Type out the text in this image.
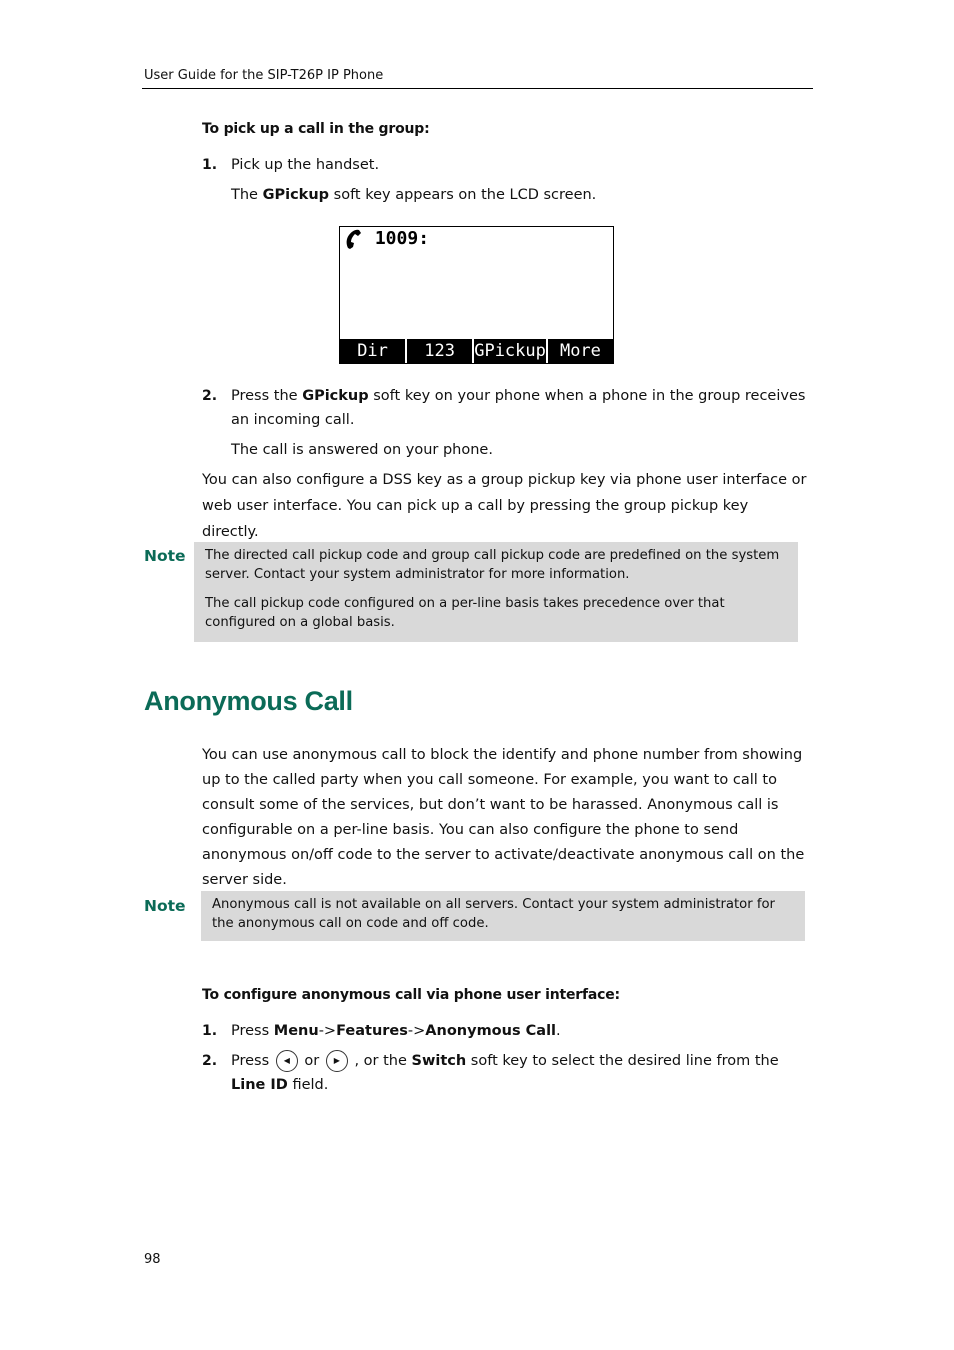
User Guide for the SIP-T26P IP Phone
To pick up a call in the group:
1. Pick up the handset.
The GPickup soft key appears on the LCD screen.
1009:
Dir	123	GPickup More
2. Press the GPickup soft key on your phone when a phone in the group receives an incoming call.
The call is answered on your phone.
You can also configure a DSS key as a group pickup key via phone user interface or web user interface. You can pick up a call by pressing the group pickup key directly.
Note The directed call pickup code and group call pickup code are predefined on the system server. Contact your system administrator for more information.

The call pickup code configured on a per-line basis takes precedence over that configured on a global basis.

Anonymous Call
You can use anonymous call to block the identify and phone number from showing up to the called party when you call someone. For example, you want to call to consult some of the services, but don’t want to be harassed. Anonymous call is configurable on a per-line basis. You can also configure the phone to send anonymous on/off code to the server to activate/deactivate anonymous call on the server side.
Note Anonymous call is not available on all servers. Contact your system administrator for the anonymous call on code and off code.

To configure anonymous call via phone user interface:
1. Press Menu->Features->Anonymous Call.
2. Press	◀ or	▶ , or the Switch soft key to select the desired line from the Line ID field.
98
